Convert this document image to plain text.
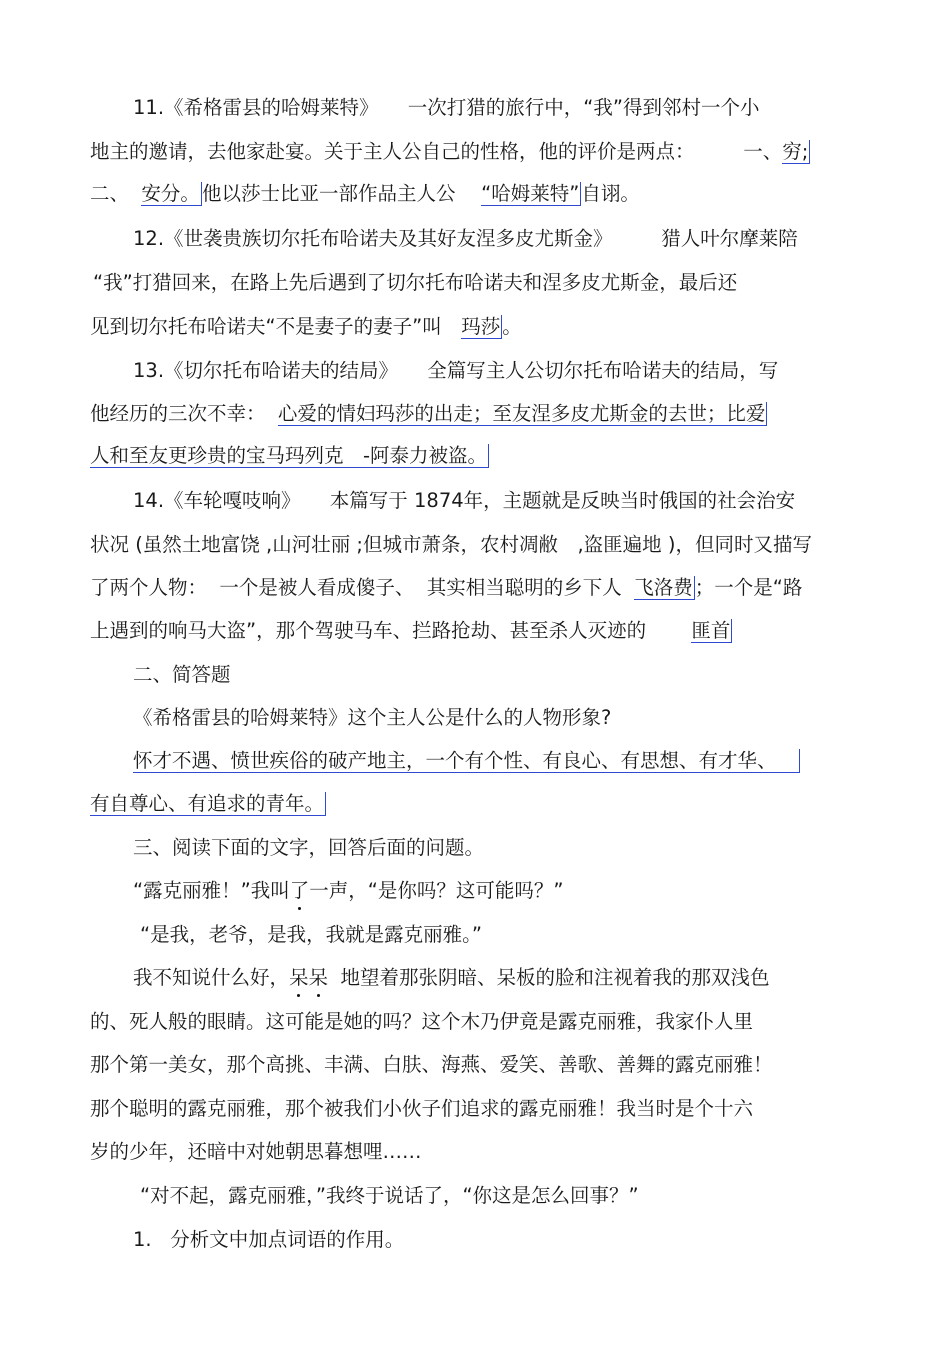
11.《希格雷县的哈姆莱特》　　 一次打猎的旅行中，“我”得到邻村一个小
地主的邀请，去他家赴宴。关于主人公自己的性格，他的评价是两点：　　　	一、穷;
二、 安分。 他以莎士比亚一部作品主人公　 “哈姆莱特” 自诩。
12.《世袭贵族切尔托布哈诺夫及其好友涅多皮尤斯金》　　　	猎人叶尔摩莱陪
“我”打猎回来，在路上先后遇到了切尔托布哈诺夫和涅多皮尤斯金，最后还
见到切尔托布哈诺夫“不是妻子的妻子”叫　 玛莎 。
13.《切尔托布哈诺夫的结局》　　 全篇写主人公切尔托布哈诺夫的结局，写
他经历的三次不幸： 心爱的情妇玛莎的出走；至友涅多皮尤斯金的去世；比爱
人和至友更珍贵的宝马玛列克　-阿泰力被盗。
14.《车轮嘎吱响》　　 本篇写于 1874年，主题就是反映当时俄国的社会治安
状况 (虽然土地富饶 ,山河壮丽 ;但城市萧条，农村凋敝　,盗匪遍地 )，但同时又描写
了两个人物：  一个是被人看成傻子、  其实相当聪明的乡下人 飞洛费 ；一个是“路
上遇到的响马大盗”，那个驾驶马车、拦路抢劫、甚至杀人灭迹的　　 匪首
二、简答题
《希格雷县的哈姆莱特》这个主人公是什么的人物形象?
怀才不遇、愤世疾俗的破产地主，一个有个性、有良心、有思想、有才华、
有自尊心、有追求的青年。
三、阅读下面的文字，回答后面的问题。
“露克丽雅！”我叫了一声，“是你吗？这可能吗？”
“是我，老爷，是我，我就是露克丽雅。”
我不知说什么好，呆呆 地望着那张阴暗、呆板的脸和注视着我的那双浅色
的、死人般的眼睛。这可能是她的吗？这个木乃伊竟是露克丽雅，我家仆人里
那个第一美女，那个高挑、丰满、白肤、海燕、爱笑、善歌、善舞的露克丽雅！
那个聪明的露克丽雅，那个被我们小伙子们追求的露克丽雅！我当时是个十六
岁的少年，还暗中对她朝思暮想哩……
“对不起，露克丽雅，”我终于说话了，“你这是怎么回事？”
1. 分析文中加点词语的作用。
